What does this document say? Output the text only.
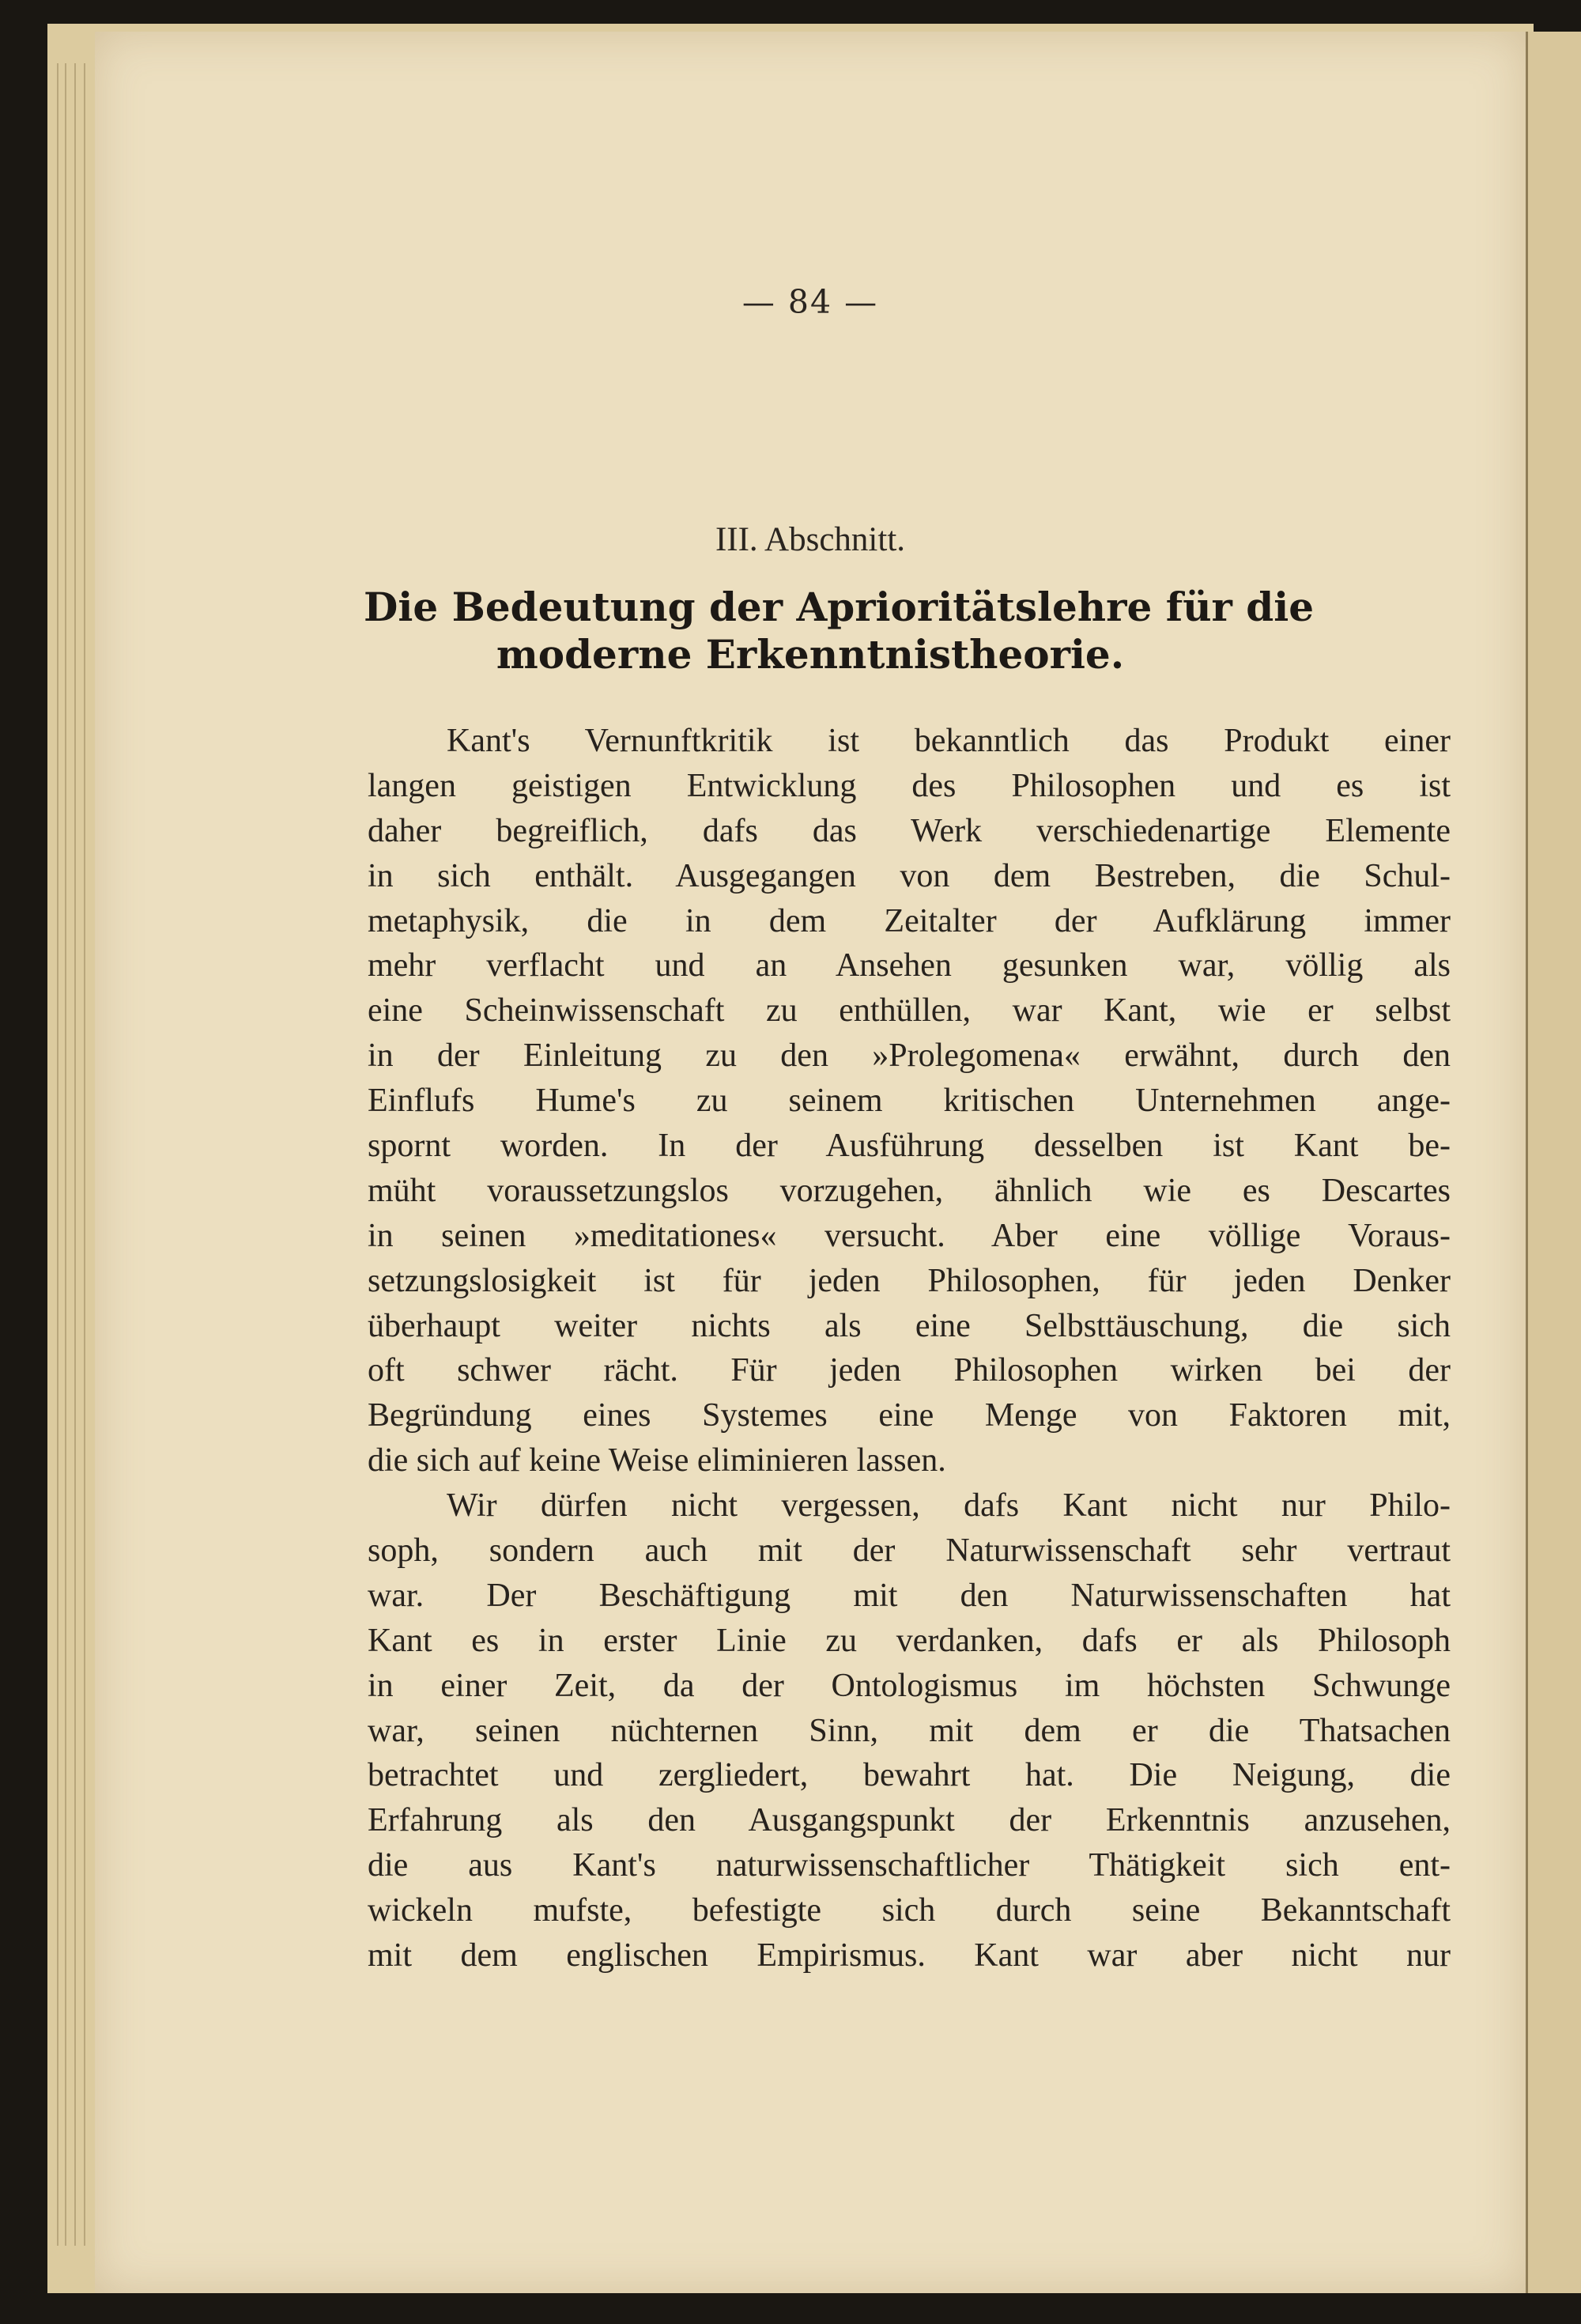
— 84 —
III. Abschnitt.
Die Bedeutung der Aprioritätslehre für die
moderne Erkenntnistheorie.
Kant's Vernunftkritik ist bekanntlich das Produkt einer
langen geistigen Entwicklung des Philosophen und es ist
daher begreiflich, dafs das Werk verschiedenartige Elemente
in sich enthält. Ausgegangen von dem Bestreben, die Schul-
metaphysik, die in dem Zeitalter der Aufklärung immer
mehr verflacht und an Ansehen gesunken war, völlig als
eine Scheinwissenschaft zu enthüllen, war Kant, wie er selbst
in der Einleitung zu den »Prolegomena« erwähnt, durch den
Einflufs Hume's zu seinem kritischen Unternehmen ange-
spornt worden. In der Ausführung desselben ist Kant be-
müht voraussetzungslos vorzugehen, ähnlich wie es Descartes
in seinen »meditationes« versucht. Aber eine völlige Voraus-
setzungslosigkeit ist für jeden Philosophen, für jeden Denker
überhaupt weiter nichts als eine Selbsttäuschung, die sich
oft schwer rächt. Für jeden Philosophen wirken bei der
Begründung eines Systemes eine Menge von Faktoren mit,
die sich auf keine Weise eliminieren lassen.
Wir dürfen nicht vergessen, dafs Kant nicht nur Philo-
soph, sondern auch mit der Naturwissenschaft sehr vertraut
war. Der Beschäftigung mit den Naturwissenschaften hat
Kant es in erster Linie zu verdanken, dafs er als Philosoph
in einer Zeit, da der Ontologismus im höchsten Schwunge
war, seinen nüchternen Sinn, mit dem er die Thatsachen
betrachtet und zergliedert, bewahrt hat. Die Neigung, die
Erfahrung als den Ausgangspunkt der Erkenntnis anzusehen,
die aus Kant's naturwissenschaftlicher Thätigkeit sich ent-
wickeln mufste, befestigte sich durch seine Bekanntschaft
mit dem englischen Empirismus. Kant war aber nicht nur
